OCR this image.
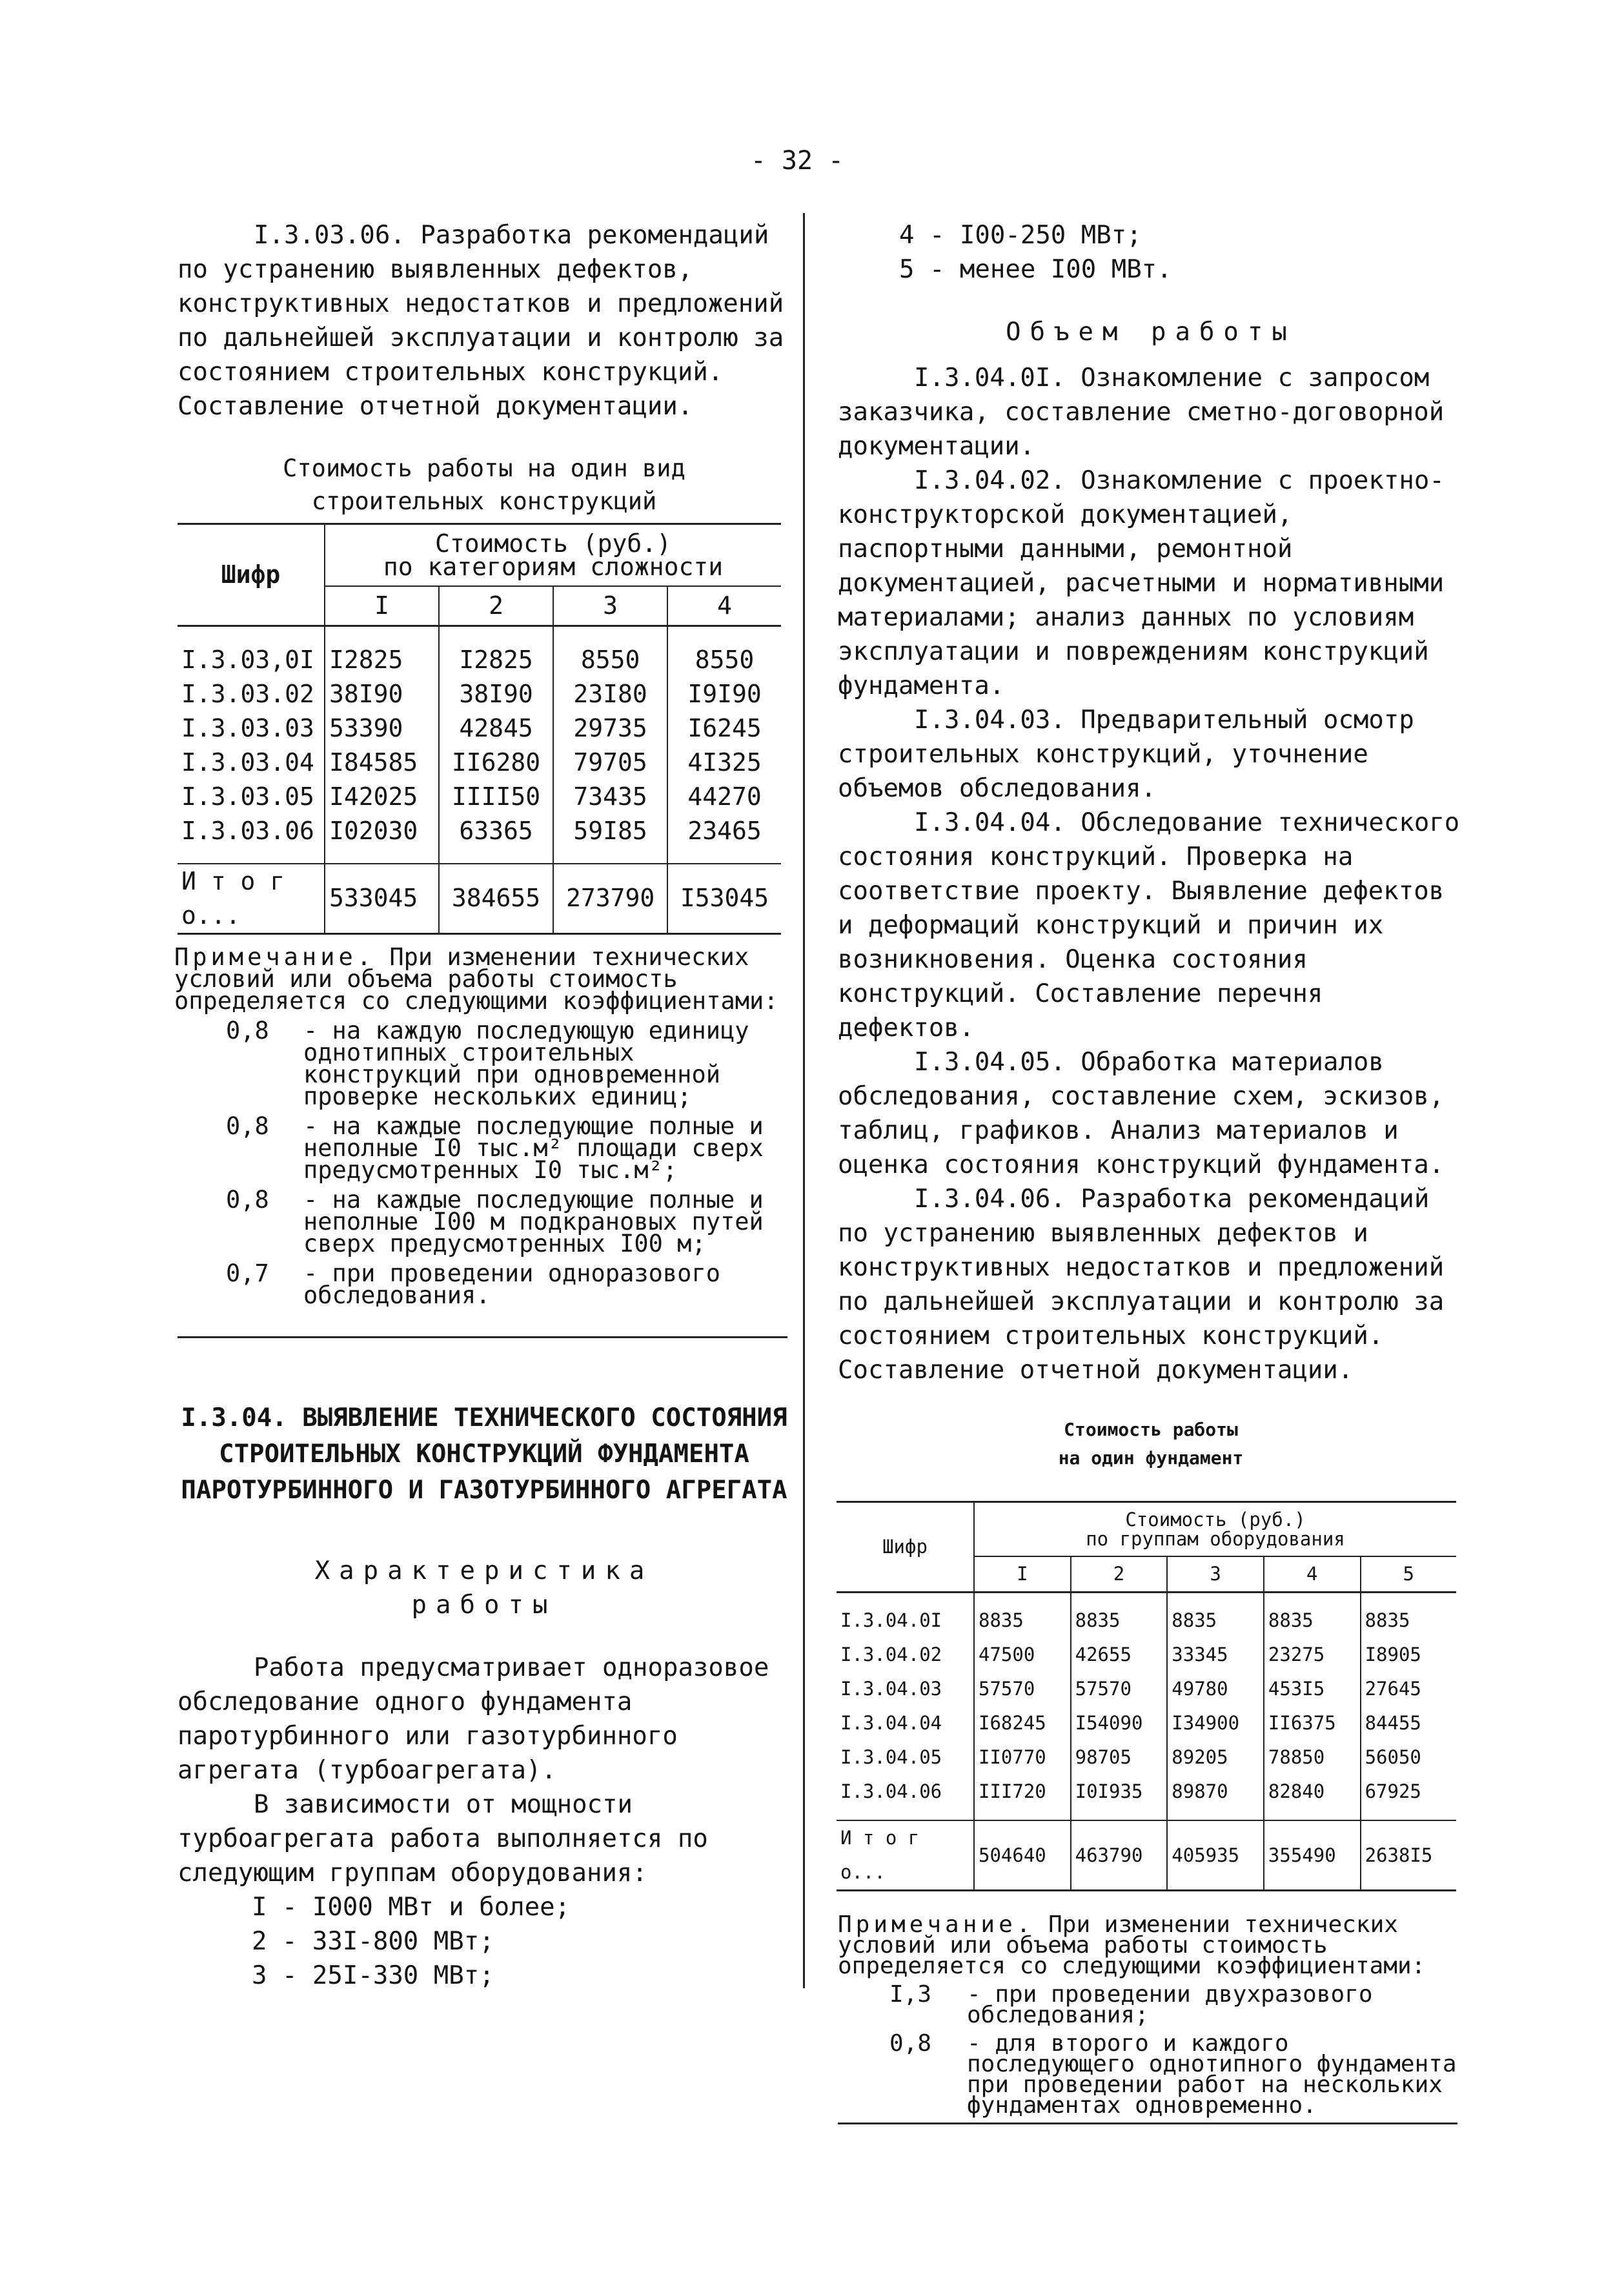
- 32 -

I.3.03.06. Разработка рекомендаций по устранению выявленных дефектов, конструктивных недостатков и предложений по дальнейшей эксплуатации и контролю за состоянием строительных конструкций. Составление отчетной документации.

Стоимость работы на один вид
строительных конструкций
Шифр	Стоимость (руб.)
по категориям сложности			

	I	2	3	4

I.3.03,0I	I2825	I2825	8550	8550
I.3.03.02	38I90	38I90	23I80	I9I90
I.3.03.03	53390	42845	29735	I6245
I.3.03.04	I84585	II6280	79705	4I325
I.3.03.05	I42025	IIII50	73435	44270
I.3.03.06	I02030	63365	59I85	23465

И т о г о...	533045	384655	273790	I53045
Примечание. При изменении технических условий или объема работы стоимость определяется со следующими коэффициентами:
0,8	- на каждую последующую единицу однотипных строительных конструкций при одновременной проверке нескольких единиц;
0,8	- на каждые последующие полные и неполные I0 тыс.м² площади сверх предусмотренных I0 тыс.м²;
0,8	- на каждые последующие полные и неполные I00 м подкрановых путей сверх предусмотренных I00 м;
0,7	- при проведении одноразового обследования.
I.3.04. ВЫЯВЛЕНИЕ ТЕХНИЧЕСКОГО СОСТОЯНИЯ
СТРОИТЕЛЬНЫХ КОНСТРУКЦИЙ ФУНДАМЕНТА
ПАРОТУРБИННОГО И ГАЗОТУРБИННОГО АГРЕГАТА
Характеристика
работы

Работа предусматривает одноразовое обследование одного фундамента паротурбинного или газотурбинного агрегата (турбоагрегата).

В зависимости от мощности турбоагрегата работа выполняется по следующим группам оборудования:

I - I000 МВт и более;
2 - 33I-800 МВт;
3 - 25I-330 МВт;
4 - I00-250 МВт;
5 - менее I00 МВт.
Объем работы

I.3.04.0I. Ознакомление с запросом заказчика, составление сметно-договорной документации.

I.3.04.02. Ознакомление с проектно-конструкторской документацией, паспортными данными, ремонтной документацией, расчетными и нормативными материалами; анализ данных по условиям эксплуатации и повреждениям конструкций фундамента.

I.3.04.03. Предварительный осмотр строительных конструкций, уточнение объемов обследования.

I.3.04.04. Обследование технического состояния конструкций. Проверка на соответствие проекту. Выявление дефектов и деформаций конструкций и причин их возникновения. Оценка состояния конструкций. Составление перечня дефектов.

I.3.04.05. Обработка материалов обследования, составление схем, эскизов, таблиц, графиков. Анализ материалов и оценка состояния конструкций фундамента.

I.3.04.06. Разработка рекомендаций по устранению выявленных дефектов и конструктивных недостатков и предложений по дальнейшей эксплуатации и контролю за состоянием строительных конструкций. Составление отчетной документации.

Стоимость работы
на один фундамент
Шифр	Стоимость (руб.)
по группам оборудования				

	I	2	3	4	5

I.3.04.0I	8835	8835	8835	8835	8835
I.3.04.02	47500	42655	33345	23275	I8905
I.3.04.03	57570	57570	49780	453I5	27645
I.3.04.04	I68245	I54090	I34900	II6375	84455
I.3.04.05	II0770	98705	89205	78850	56050
I.3.04.06	III720	I0I935	89870	82840	67925

И т о г о...	504640	463790	405935	355490	2638I5
Примечание. При изменении технических условий или объема работы стоимость определяется со следующими коэффициентами:
I,3	- при проведении двухразового обследования;
0,8	- для второго и каждого последующего однотипного фундамента при проведении работ на нескольких фундаментах одновременно.
